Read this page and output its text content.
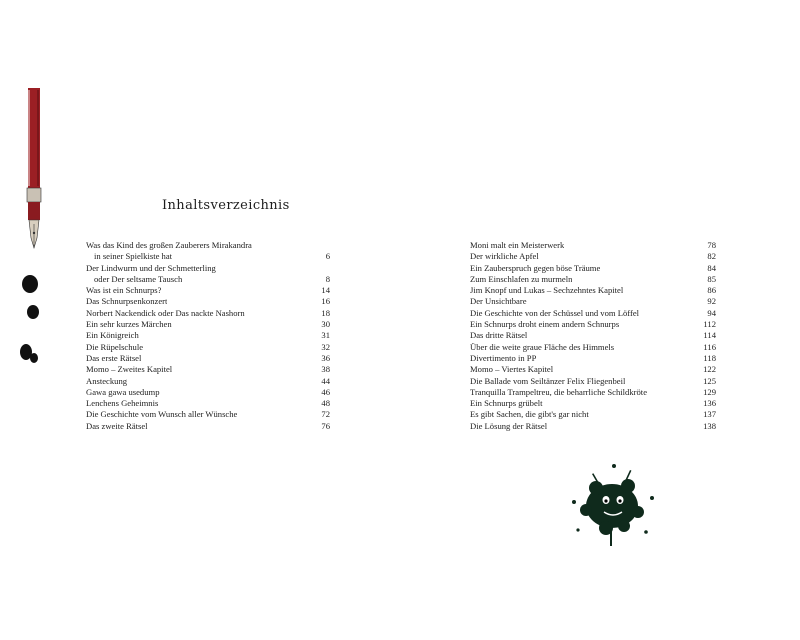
Inhaltsverzeichnis
Was das Kind des großen Zauberers Mirakandra
in seiner Spielkiste hat	6
Der Lindwurm und der Schmetterling
oder Der seltsame Tausch	8
Was ist ein Schnurps?	14
Das Schnurpsenkonzert	16
Norbert Nackendick oder Das nackte Nashorn	18
Ein sehr kurzes Märchen	30
Ein Königreich	31
Die Rüpelschule	32
Das erste Rätsel	36
Momo – Zweites Kapitel	38
Ansteckung	44
Gawa gawa usedump	46
Lenchens Geheimnis	48
Die Geschichte vom Wunsch aller Wünsche	72
Das zweite Rätsel	76
Moni malt ein Meisterwerk	78
Der wirkliche Apfel	82
Ein Zauberspruch gegen böse Träume	84
Zum Einschlafen zu murmeln	85
Jim Knopf und Lukas – Sechzehntes Kapitel	86
Der Unsichtbare	92
Die Geschichte von der Schüssel und vom Löffel	94
Ein Schnurps droht einem andern Schnurps	112
Das dritte Rätsel	114
Über die weite graue Fläche des Himmels	116
Divertimento in PP	118
Momo – Viertes Kapitel	122
Die Ballade vom Seiltänzer Felix Fliegenbeil	125
Tranquilla Trampeltreu, die beharrliche Schildkröte	129
Ein Schnurps grübelt	136
Es gibt Sachen, die gibt's gar nicht	137
Die Lösung der Rätsel	138
